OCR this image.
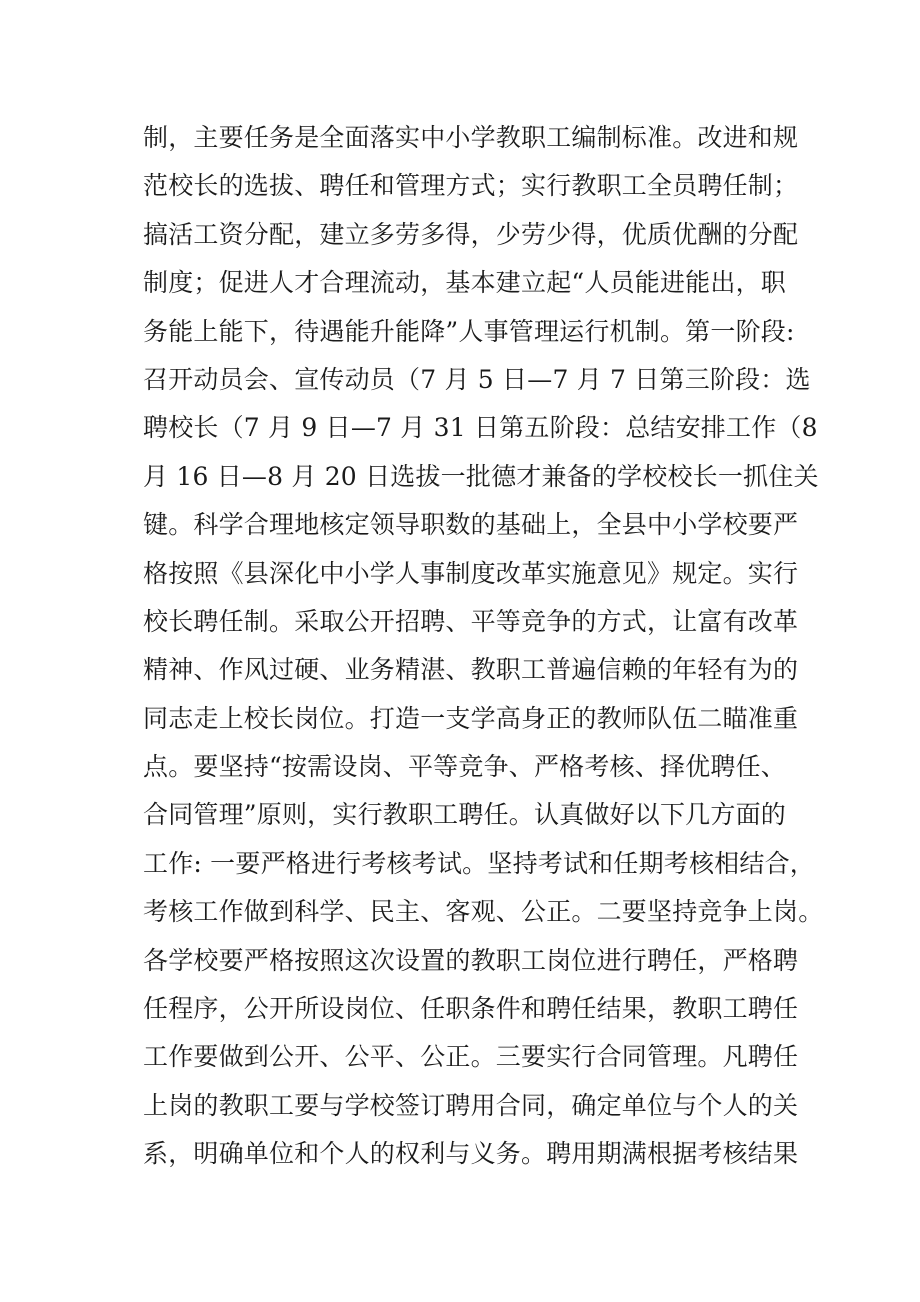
制，主要任务是全面落实中小学教职工编制标准。改进和规
范校长的选拔、聘任和管理方式；实行教职工全员聘任制；
搞活工资分配，建立多劳多得，少劳少得，优质优酬的分配
制度；促进人才合理流动，基本建立起“人员能进能出，职
务能上能下，待遇能升能降”人事管理运行机制。第一阶段:
召开动员会、宣传动员（7 月 5 日—7 月 7 日第三阶段：选
聘校长（7 月 9 日—7 月 31 日第五阶段：总结安排工作（8
月 16 日—8 月 20 日选拔一批德才兼备的学校校长一抓住关
键。科学合理地核定领导职数的基础上，全县中小学校要严
格按照《县深化中小学人事制度改革实施意见》规定。实行
校长聘任制。采取公开招聘、平等竞争的方式，让富有改革
精神、作风过硬、业务精湛、教职工普遍信赖的年轻有为的
同志走上校长岗位。打造一支学高身正的教师队伍二瞄准重
点。要坚持“按需设岗、平等竞争、严格考核、择优聘任、
合同管理”原则，实行教职工聘任。认真做好以下几方面的
工作: 一要严格进行考核考试。坚持考试和任期考核相结合，
考核工作做到科学、民主、客观、公正。二要坚持竞争上岗。
各学校要严格按照这次设置的教职工岗位进行聘任，严格聘
任程序，公开所设岗位、任职条件和聘任结果，教职工聘任
工作要做到公开、公平、公正。三要实行合同管理。凡聘任
上岗的教职工要与学校签订聘用合同，确定单位与个人的关
系，明确单位和个人的权利与义务。聘用期满根据考核结果
